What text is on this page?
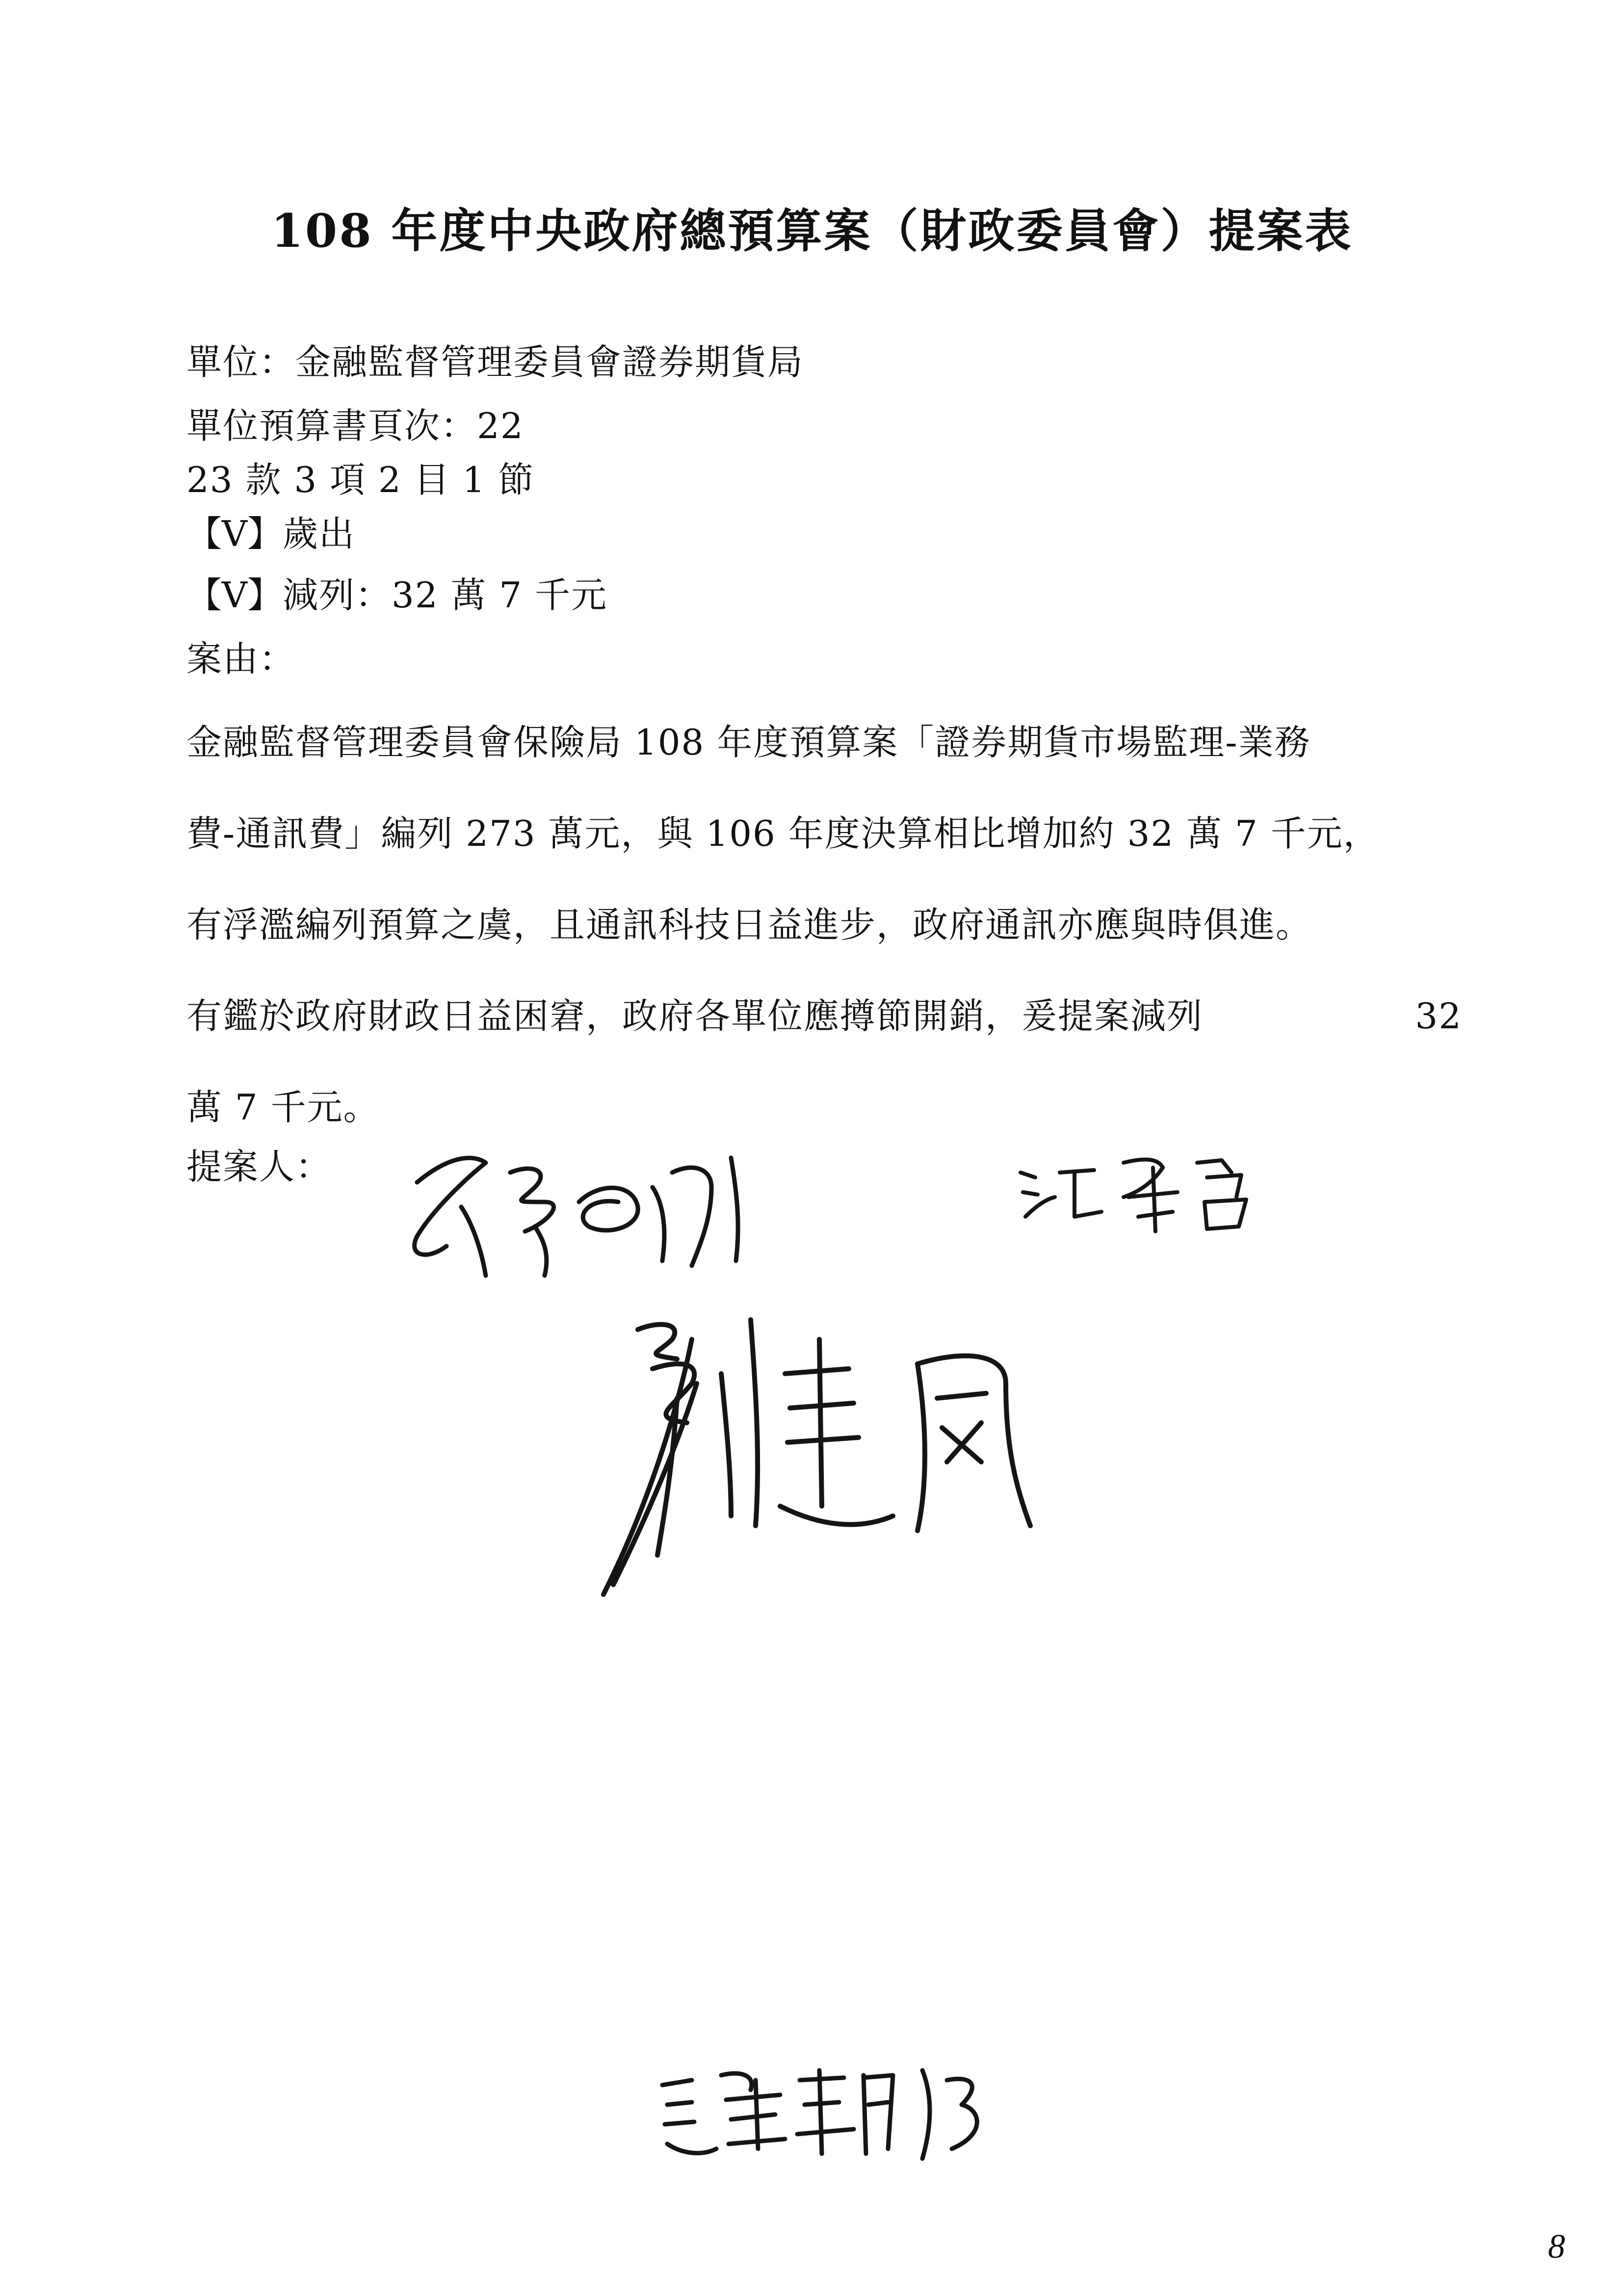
108 年度中央政府總預算案（財政委員會）提案表
單位：金融監督管理委員會證券期貨局
單位預算書頁次：22
23 款 3 項 2 目 1 節
【V】歲出
【V】減列：32 萬 7 千元
案由：

金融監督管理委員會保險局 108 年度預算案「證券期貨市場監理-業務

費-通訊費」編列 273 萬元，與 106 年度決算相比增加約 32 萬 7 千元，

有浮濫編列預算之虞，且通訊科技日益進步，政府通訊亦應與時俱進。

有鑑於政府財政日益困窘，政府各單位應撙節開銷，爰提案減列	32

萬 7 千元。

提案人：
8
